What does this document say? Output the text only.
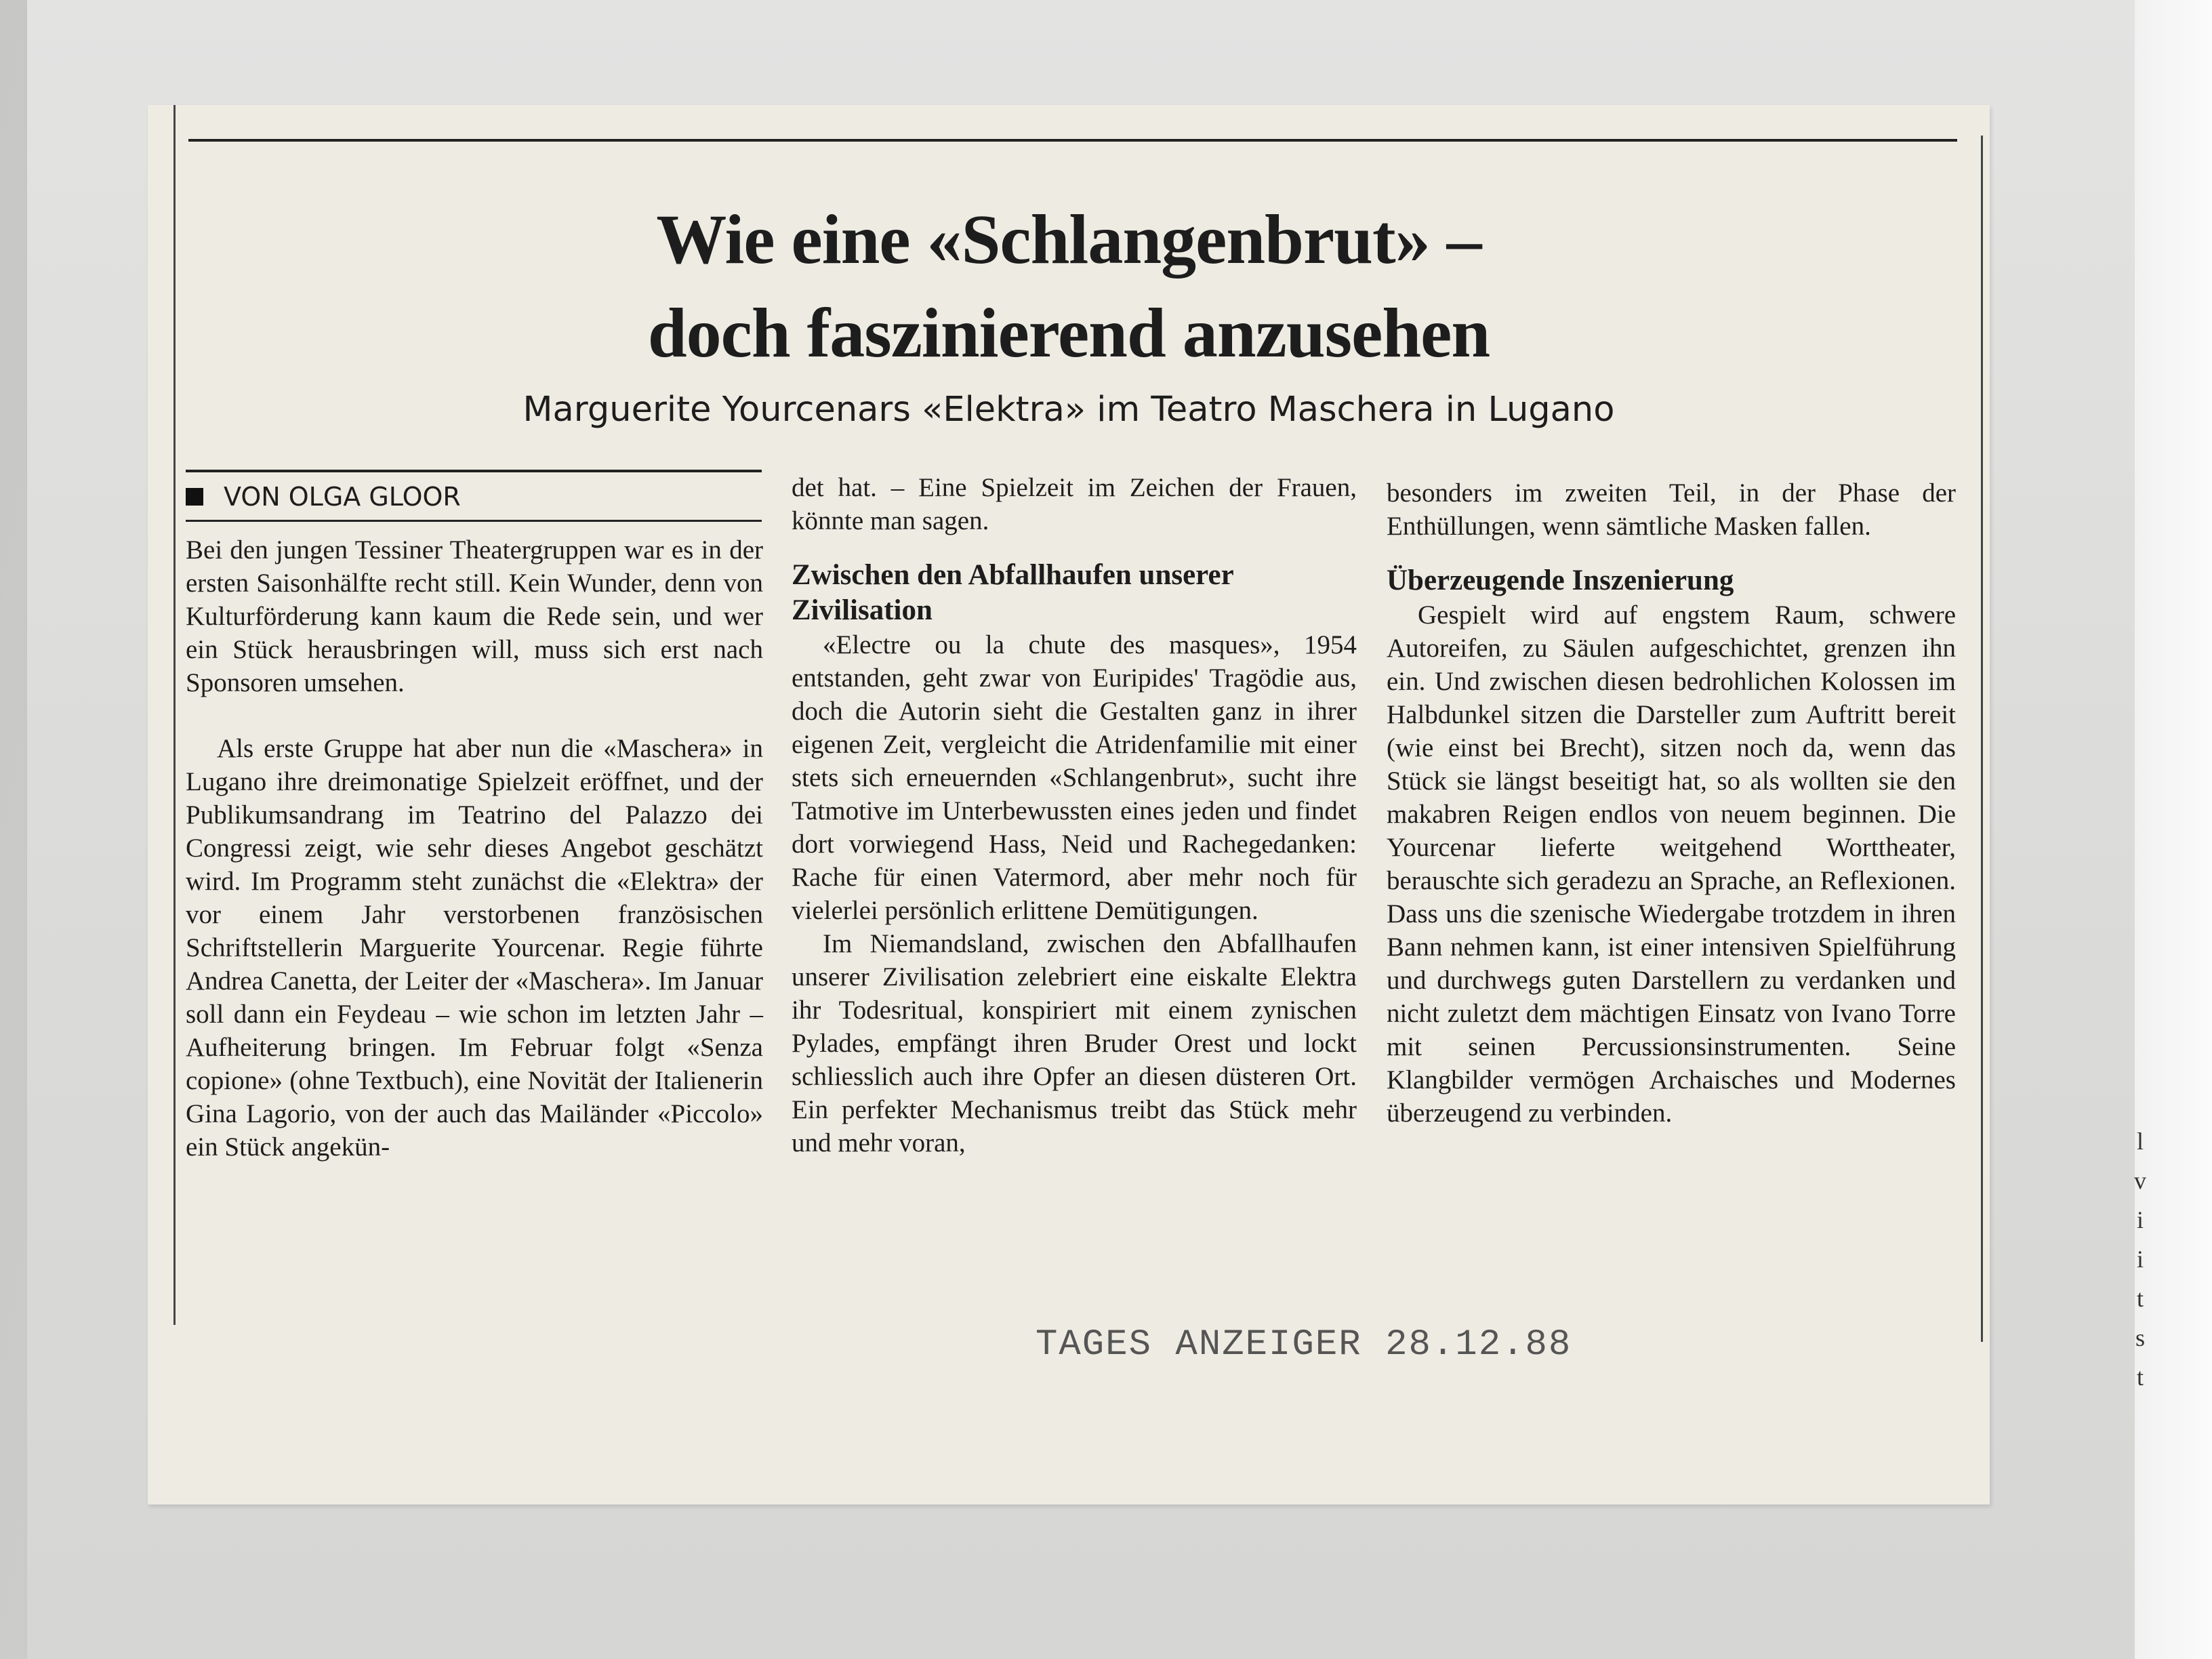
Wie eine «Schlangenbrut» –
doch faszinierend anzusehen

Marguerite Yourcenars «Elektra» im Teatro Maschera in Lugano

VON OLGA GLOOR

Bei den jungen Tessiner Theatergruppen war es in der ersten Saisonhälfte recht still. Kein Wunder, denn von Kulturförderung kann kaum die Rede sein, und wer ein Stück herausbringen will, muss sich erst nach Sponsoren umsehen.

Als erste Gruppe hat aber nun die «Maschera» in Lugano ihre dreimonatige Spielzeit eröffnet, und der Publikumsandrang im Teatrino del Palazzo dei Congressi zeigt, wie sehr dieses Angebot geschätzt wird. Im Programm steht zunächst die «Elektra» der vor einem Jahr verstorbenen französischen Schriftstellerin Marguerite Yourcenar. Regie führte Andrea Canetta, der Leiter der «Maschera». Im Januar soll dann ein Feydeau – wie schon im letzten Jahr – Aufheiterung bringen. Im Februar folgt «Senza copione» (ohne Textbuch), eine Novität der Italienerin Gina Lagorio, von der auch das Mailänder «Piccolo» ein Stück angekün-

det hat. – Eine Spielzeit im Zeichen der Frauen, könnte man sagen.

Zwischen den Abfallhaufen unserer Zivilisation

«Electre ou la chute des masques», 1954 entstanden, geht zwar von Euripides' Tragödie aus, doch die Autorin sieht die Gestalten ganz in ihrer eigenen Zeit, vergleicht die Atridenfamilie mit einer stets sich erneuernden «Schlangenbrut», sucht ihre Tatmotive im Unterbewussten eines jeden und findet dort vorwiegend Hass, Neid und Rachegedanken: Rache für einen Vatermord, aber mehr noch für vielerlei persönlich erlittene Demütigungen.

Im Niemandsland, zwischen den Abfallhaufen unserer Zivilisation zelebriert eine eiskalte Elektra ihr Todesritual, konspiriert mit einem zynischen Pylades, empfängt ihren Bruder Orest und lockt schliesslich auch ihre Opfer an diesen düsteren Ort. Ein perfekter Mechanismus treibt das Stück mehr und mehr voran,

besonders im zweiten Teil, in der Phase der Enthüllungen, wenn sämtliche Masken fallen.

Überzeugende Inszenierung

Gespielt wird auf engstem Raum, schwere Autoreifen, zu Säulen aufgeschichtet, grenzen ihn ein. Und zwischen diesen bedrohlichen Kolossen im Halbdunkel sitzen die Darsteller zum Auftritt bereit (wie einst bei Brecht), sitzen noch da, wenn das Stück sie längst beseitigt hat, so als wollten sie den makabren Reigen endlos von neuem beginnen. Die Yourcenar lieferte weitgehend Worttheater, berauschte sich geradezu an Sprache, an Reflexionen. Dass uns die szenische Wiedergabe trotzdem in ihren Bann nehmen kann, ist einer intensiven Spielführung und durchwegs guten Darstellern zu verdanken und nicht zuletzt dem mächtigen Einsatz von Ivano Torre mit seinen Percussionsinstrumenten. Seine Klangbilder vermögen Archaisches und Modernes überzeugend zu verbinden.

TAGES ANZEIGER 28.12.88

l
v
i
i
t
s
t
